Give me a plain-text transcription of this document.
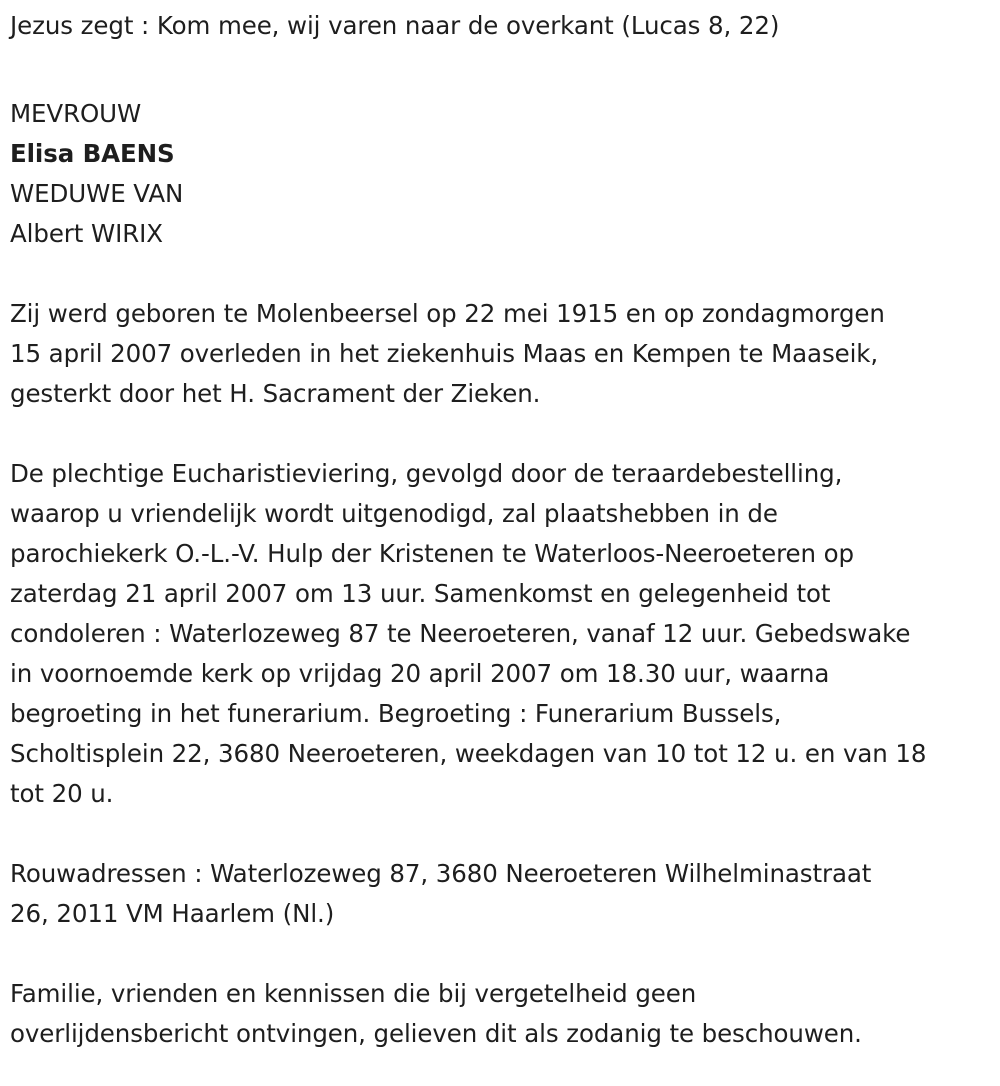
Jezus zegt : Kom mee, wij varen naar de overkant (Lucas 8, 22)
MEVROUW
Elisa BAENS
WEDUWE VAN
Albert WIRIX
Zij werd geboren te Molenbeersel op 22 mei 1915 en op zondagmorgen
15 april 2007 overleden in het ziekenhuis Maas en Kempen te Maaseik,
gesterkt door het H. Sacrament der Zieken.
De plechtige Eucharistieviering, gevolgd door de teraardebestelling,
waarop u vriendelijk wordt uitgenodigd, zal plaatshebben in de
parochiekerk O.-L.-V. Hulp der Kristenen te Waterloos-Neeroeteren op
zaterdag 21 april 2007 om 13 uur. Samenkomst en gelegenheid tot
condoleren : Waterlozeweg 87 te Neeroeteren, vanaf 12 uur. Gebedswake
in voornoemde kerk op vrijdag 20 april 2007 om 18.30 uur, waarna
begroeting in het funerarium. Begroeting : Funerarium Bussels,
Scholtisplein 22, 3680 Neeroeteren, weekdagen van 10 tot 12 u. en van 18
tot 20 u.
Rouwadressen : Waterlozeweg 87, 3680 Neeroeteren Wilhelminastraat
26, 2011 VM Haarlem (Nl.)
Familie, vrienden en kennissen die bij vergetelheid geen
overlijdensbericht ontvingen, gelieven dit als zodanig te beschouwen.
